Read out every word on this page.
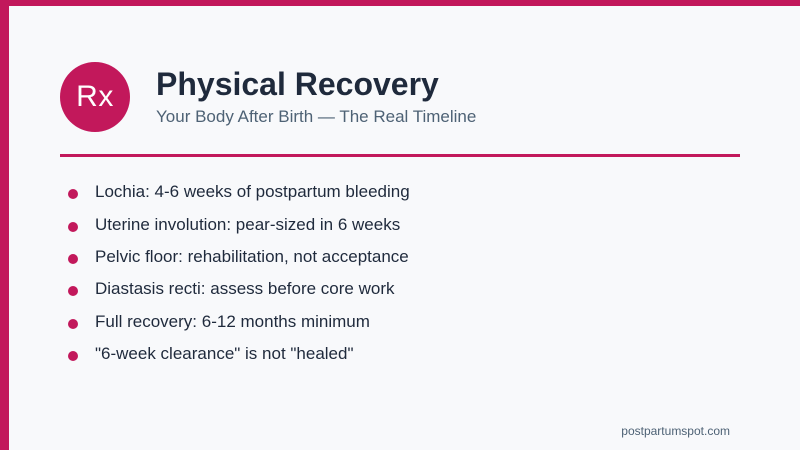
Rx Physical Recovery
Your Body After Birth — The Real Timeline
Lochia: 4-6 weeks of postpartum bleeding
Uterine involution: pear-sized in 6 weeks
Pelvic floor: rehabilitation, not acceptance
Diastasis recti: assess before core work
Full recovery: 6-12 months minimum
"6-week clearance" is not "healed"
postpartumspot.com
